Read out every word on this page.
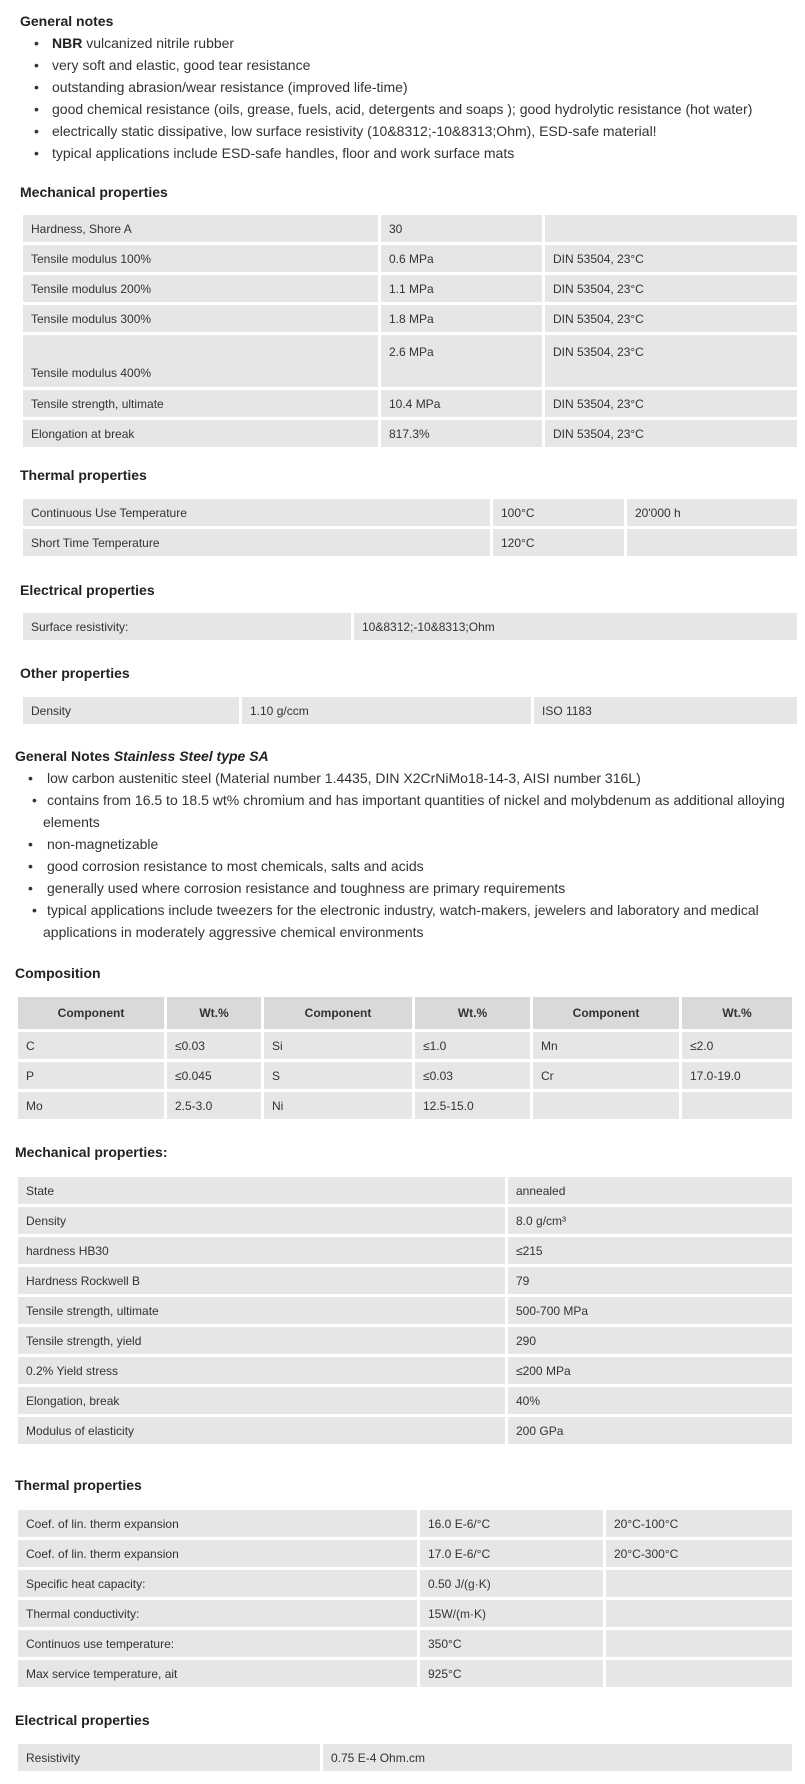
General notes
• NBR vulcanized nitrile rubber
• very soft and elastic, good tear resistance
• outstanding abrasion/wear resistance (improved life-time)
• good chemical resistance (oils, grease, fuels, acid, detergents and soaps ); good hydrolytic resistance (hot water)
• electrically static dissipative, low surface resistivity (10&8312;-10&8313;Ohm), ESD-safe material!
• typical applications include ESD-safe handles, floor and work surface mats
Mechanical properties
Hardness, Shore A	30	
Tensile modulus 100%	0.6 MPa	DIN 53504, 23°C
Tensile modulus 200%	1.1 MPa	DIN 53504, 23°C
Tensile modulus 300%	1.8 MPa	DIN 53504, 23°C
Tensile modulus 400%	2.6 MPa	DIN 53504, 23°C
Tensile strength, ultimate	10.4 MPa	DIN 53504, 23°C
Elongation at break	817.3%	DIN 53504, 23°C
Thermal properties
Continuous Use Temperature	100°C	20'000 h
Short Time Temperature	120°C	
Electrical properties
Surface resistivity:	10&8312;-10&8313;Ohm
Other properties
Density	1.10 g/ccm	ISO 1183
General Notes Stainless Steel type SA
• low carbon austenitic steel (Material number 1.4435, DIN X2CrNiMo18-14-3, AISI number 316L)
• contains from 16.5 to 18.5 wt% chromium and has important quantities of nickel and molybdenum as additional alloying elements
• non-magnetizable
• good corrosion resistance to most chemicals, salts and acids
• generally used where corrosion resistance and toughness are primary requirements
• typical applications include tweezers for the electronic industry, watch-makers, jewelers and laboratory and medical applications in moderately aggressive chemical environments
Composition
Component	Wt.%	Component	Wt.%	Component	Wt.%
C	≤0.03	Si	≤1.0	Mn	≤2.0
P	≤0.045	S	≤0.03	Cr	17.0-19.0
Mo	2.5-3.0	Ni	12.5-15.0		
Mechanical properties:
State	annealed
Density	8.0 g/cm³
hardness HB30	≤215
Hardness Rockwell B	79
Tensile strength, ultimate	500-700 MPa
Tensile strength, yield	290
0.2% Yield stress	≤200 MPa
Elongation, break	40%
Modulus of elasticity	200 GPa
Thermal properties
Coef. of lin. therm expansion	16.0 E-6/°C	20°C-100°C
Coef. of lin. therm expansion	17.0 E-6/°C	20°C-300°C
Specific heat capacity:	0.50 J/(g·K)	
Thermal conductivity:	15W/(m·K)	
Continuos use temperature:	350°C	
Max service temperature, ait	925°C	
Electrical properties
Resistivity	0.75 E-4 Ohm.cm
